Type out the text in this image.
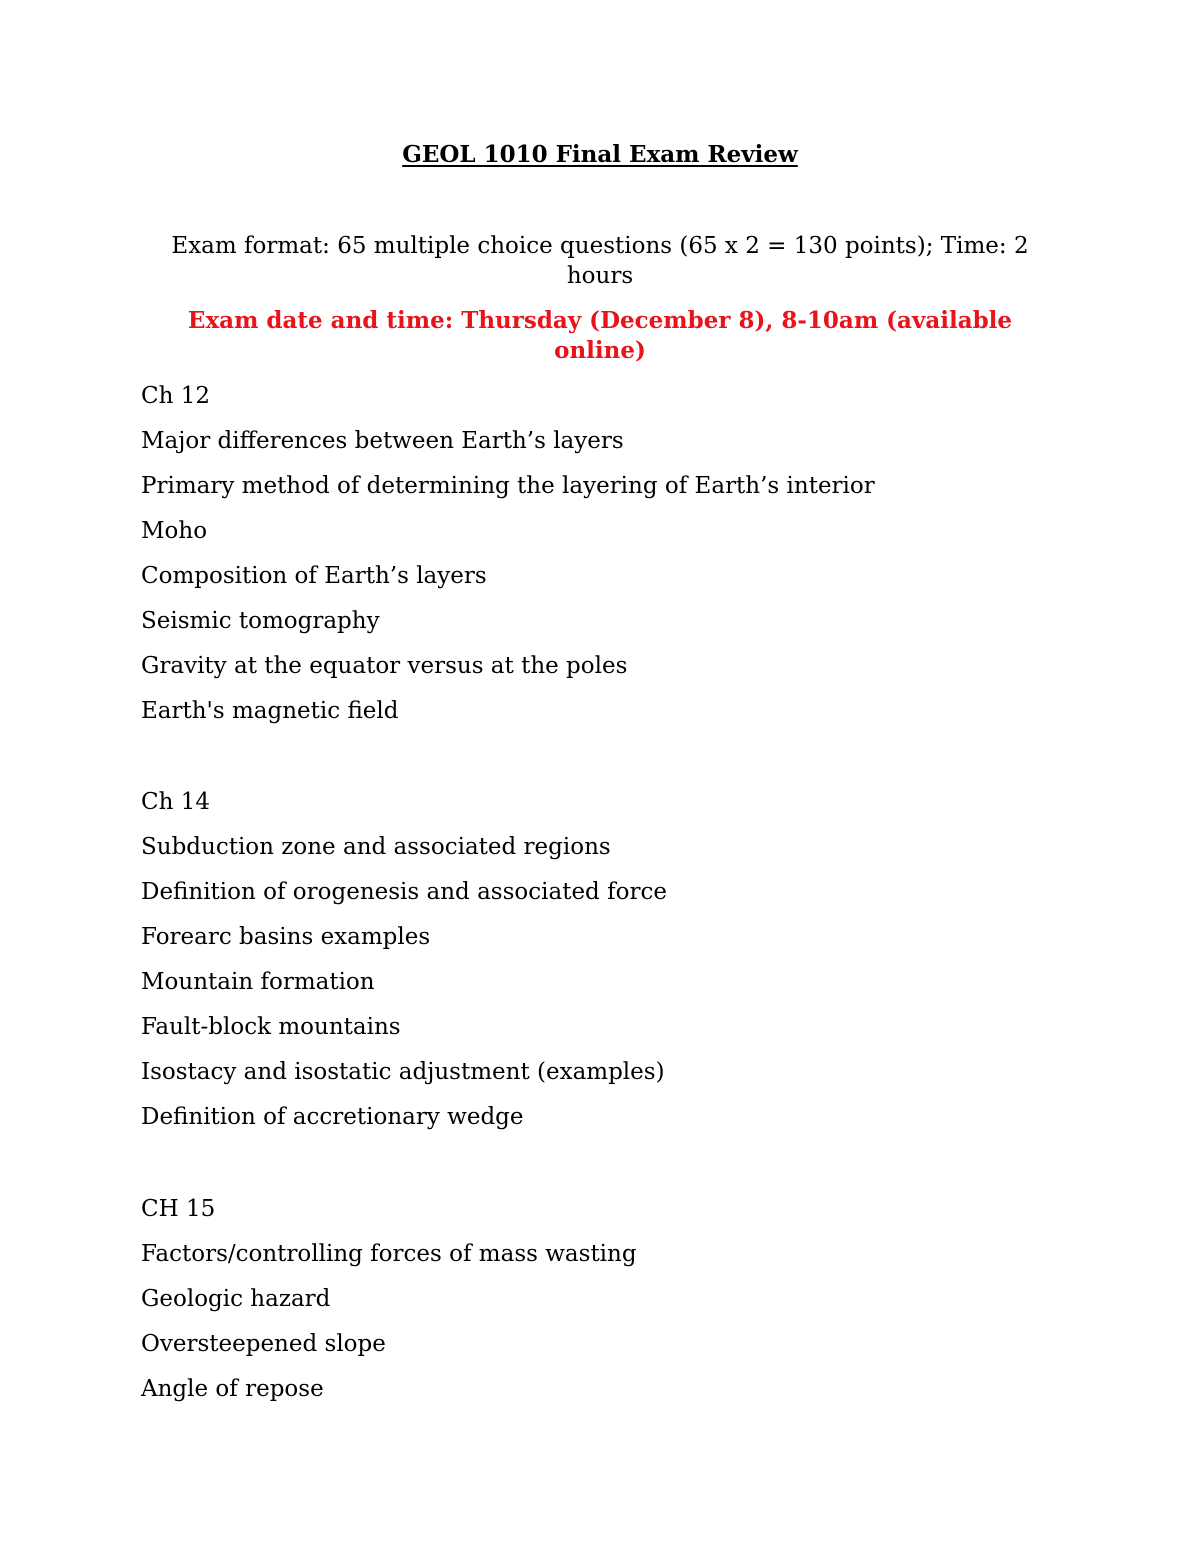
GEOL 1010 Final Exam Review
Exam format: 65 multiple choice questions (65 x 2 = 130 points); Time: 2 hours
Exam date and time: Thursday (December 8), 8-10am (available online)
Ch 12
Major differences between Earth’s layers
Primary method of determining the layering of Earth’s interior
Moho
Composition of Earth’s layers
Seismic tomography
Gravity at the equator versus at the poles
Earth's magnetic field
Ch 14
Subduction zone and associated regions
Definition of orogenesis and associated force
Forearc basins examples
Mountain formation
Fault-block mountains
Isostacy and isostatic adjustment (examples)
Definition of accretionary wedge
CH 15
Factors/controlling forces of mass wasting
Geologic hazard
Oversteepened slope
Angle of repose
